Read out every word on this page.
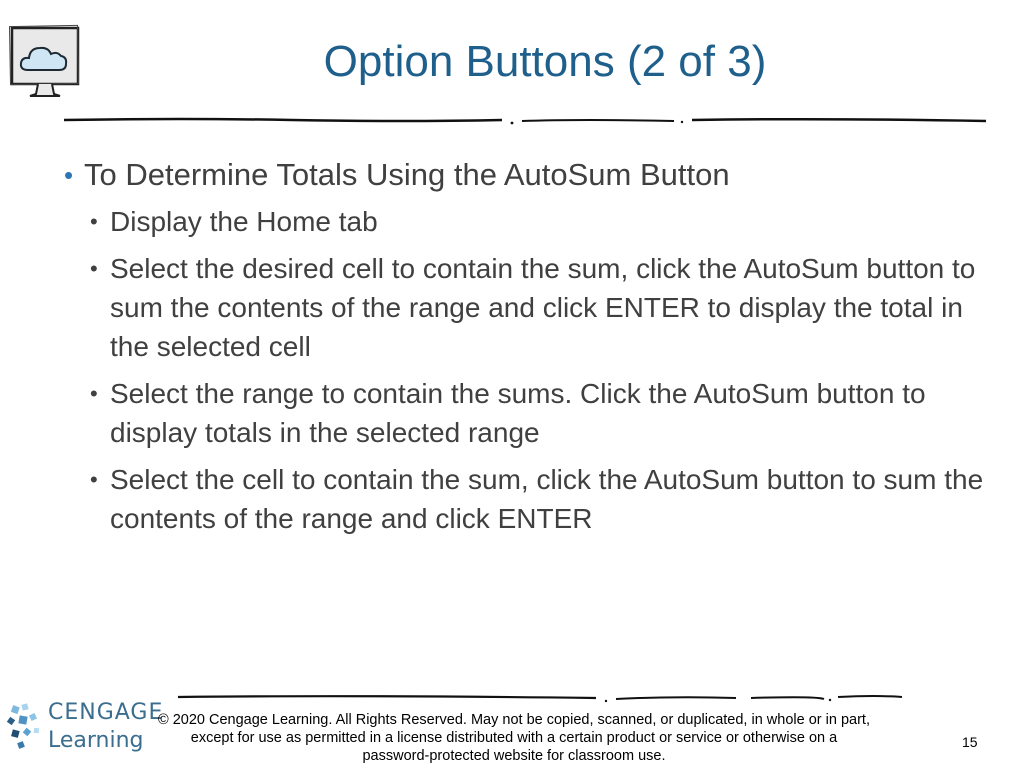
Option Buttons (2 of 3)
• To Determine Totals Using the AutoSum Button
• Display the Home tab
• Select the desired cell to contain the sum, click the AutoSum button to sum the contents of the range and click ENTER to display the total in the selected cell
• Select the range to contain the sums. Click the AutoSum button to display totals in the selected range
• Select the cell to contain the sum, click the AutoSum button to sum the contents of the range and click ENTER
CENGAGE
Learning
© 2020 Cengage Learning. All Rights Reserved. May not be copied, scanned, or duplicated, in whole or in part, except for use as permitted in a license distributed with a certain product or service or otherwise on a password-protected website for classroom use.
15
